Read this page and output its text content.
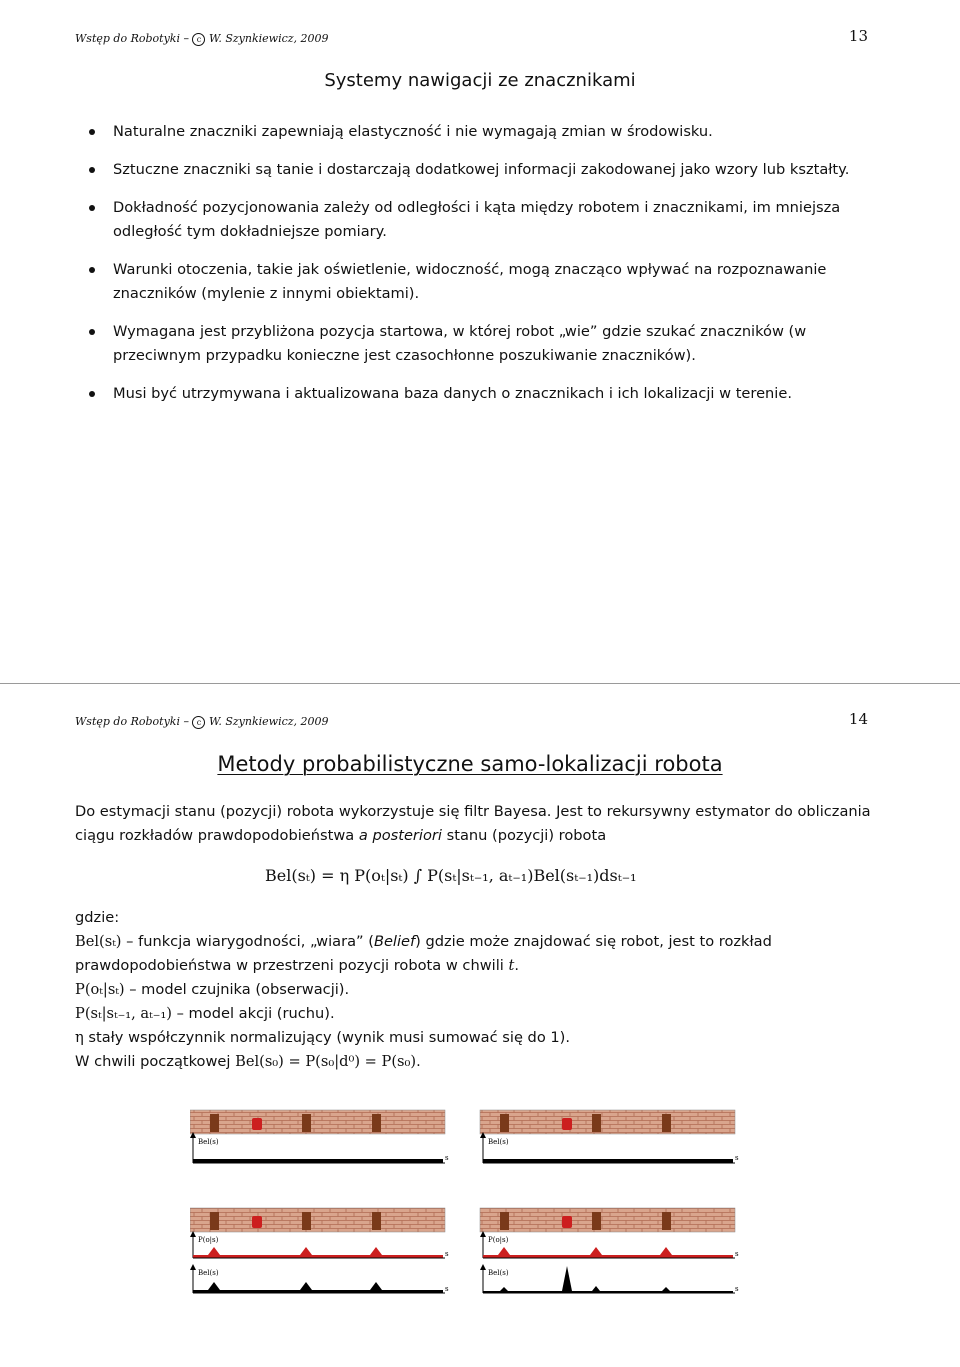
Wstęp do Robotyki – c W. Szynkiewicz, 2009	13
Systemy nawigacji ze znacznikami
Naturalne znaczniki zapewniają elastyczność i nie wymagają zmian w środowisku.
Sztuczne znaczniki są tanie i dostarczają dodatkowej informacji zakodowanej jako wzory lub kształty.
Dokładność pozycjonowania zależy od odległości i kąta między robotem i znacznikami, im mniejsza odległość tym dokładniejsze pomiary.
Warunki otoczenia, takie jak oświetlenie, widoczność, mogą znacząco wpływać na rozpoznawanie znaczników (mylenie z innymi obiektami).
Wymagana jest przybliżona pozycja startowa, w której robot „wie” gdzie szukać znaczników (w przeciwnym przypadku konieczne jest czasochłonne poszukiwanie znaczników).
Musi być utrzymywana i aktualizowana baza danych o znacznikach i ich lokalizacji w terenie.
Wstęp do Robotyki – c W. Szynkiewicz, 2009	14
Metody probabilistyczne samo-lokalizacji robota
Do estymacji stanu (pozycji) robota wykorzystuje się filtr Bayesa. Jest to rekursywny estymator do obliczania ciągu rozkładów prawdopodobieństwa a posteriori stanu (pozycji) robota
Bel(sₜ) = η P(oₜ|sₜ) ∫ P(sₜ|sₜ₋₁, aₜ₋₁)Bel(sₜ₋₁)dsₜ₋₁
gdzie:
Bel(sₜ) – funkcja wiarygodności, „wiara” (Belief) gdzie może znajdować się robot, jest to rozkład prawdopodobieństwa w przestrzeni pozycji robota w chwili t.
P(oₜ|sₜ) – model czujnika (obserwacji).
P(sₜ|sₜ₋₁, aₜ₋₁) – model akcji (ruchu).
η stały współczynnik normalizujący (wynik musi sumować się do 1).
W chwili początkowej Bel(s₀) = P(s₀|d⁰) = P(s₀).
Bel(s)
s
Bel(s)
s
P(o|s)
s
P(o|s)
s
Bel(s)
s
Bel(s)
s
